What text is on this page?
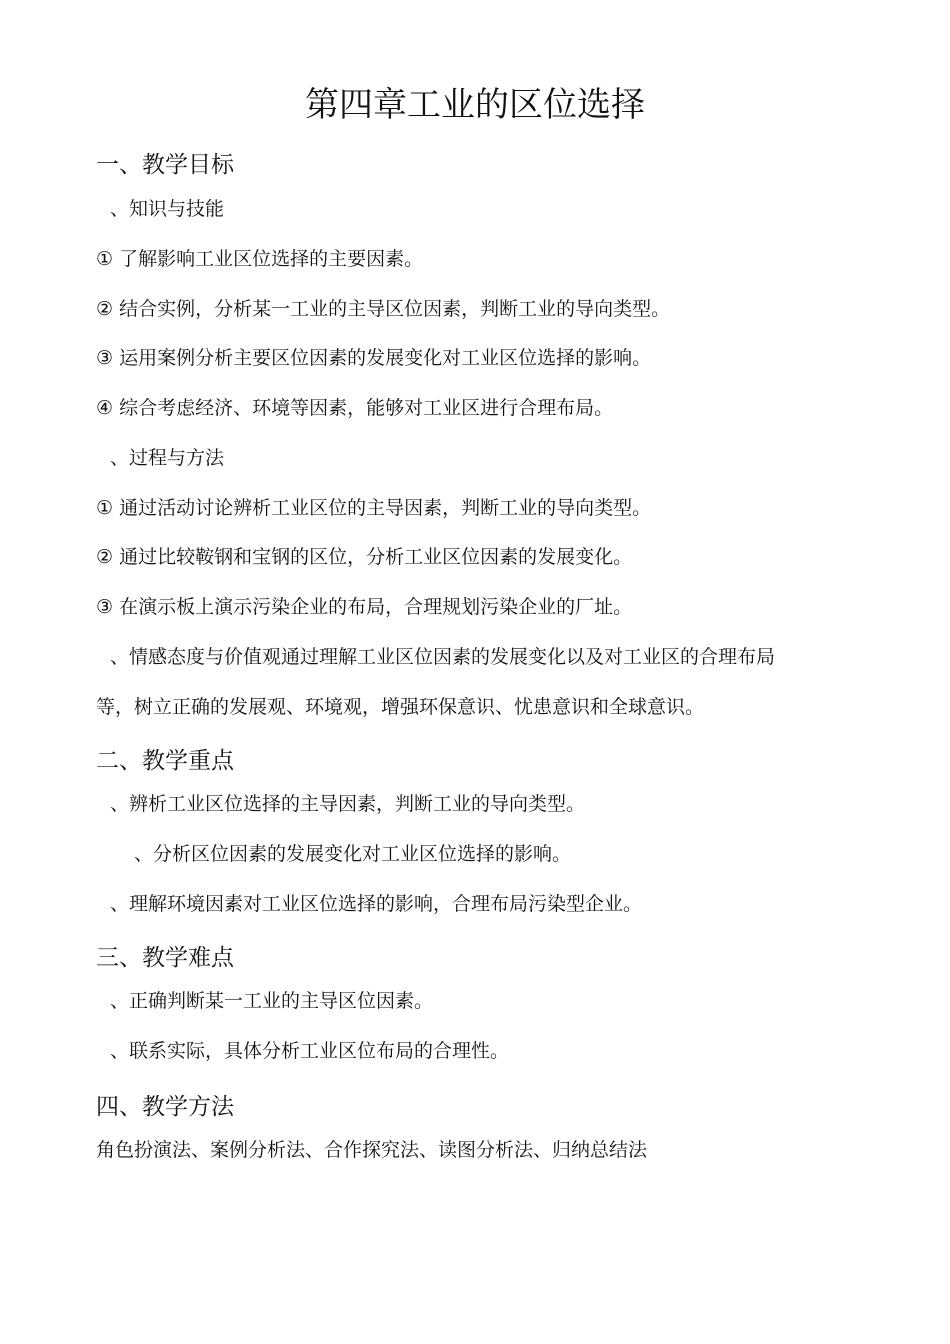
第四章工业的区位选择
一、教学目标
、知识与技能
① 了解影响工业区位选择的主要因素。
② 结合实例，分析某一工业的主导区位因素，判断工业的导向类型。
③ 运用案例分析主要区位因素的发展变化对工业区位选择的影响。
④ 综合考虑经济、环境等因素，能够对工业区进行合理布局。
、过程与方法
① 通过活动讨论辨析工业区位的主导因素，判断工业的导向类型。
② 通过比较鞍钢和宝钢的区位，分析工业区位因素的发展变化。
③ 在演示板上演示污染企业的布局，合理规划污染企业的厂址。
、情感态度与价值观通过理解工业区位因素的发展变化以及对工业区的合理布局
等，树立正确的发展观、环境观，增强环保意识、忧患意识和全球意识。
二、教学重点
、辨析工业区位选择的主导因素，判断工业的导向类型。
、分析区位因素的发展变化对工业区位选择的影响。
、理解环境因素对工业区位选择的影响，合理布局污染型企业。
三、教学难点
、正确判断某一工业的主导区位因素。
、联系实际，具体分析工业区位布局的合理性。
四、教学方法
角色扮演法、案例分析法、合作探究法、读图分析法、归纳总结法
